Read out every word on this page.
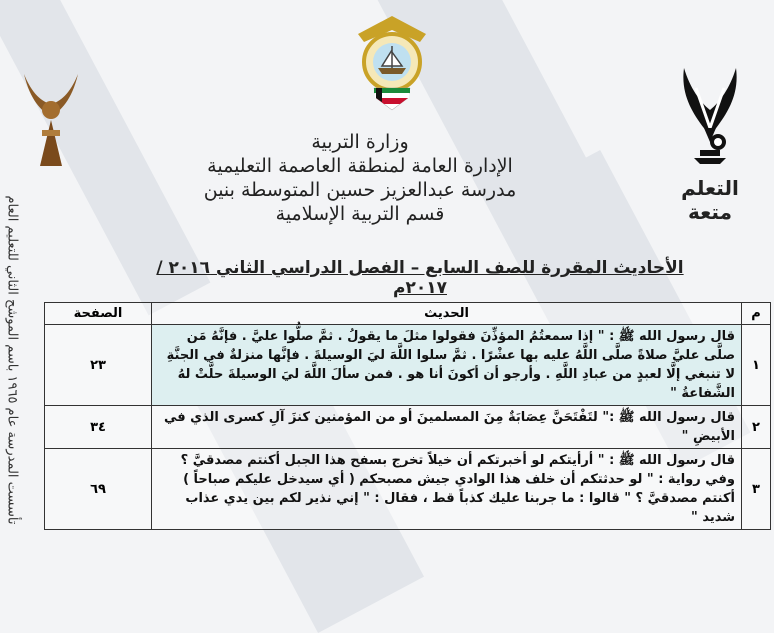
التعلم متعة
تأسست المدرسة عام ١٩٦٥ باسم الموشح الثاني للتعليم العام
وزارة التربية
الإدارة العامة لمنطقة العاصمة التعليمية
مدرسة عبدالعزيز حسين المتوسطة بنين
قسم التربية الإسلامية
الأحاديث المقررة للصف السابع – الفصل الدراسي الثاني ٢٠١٦ / ٢٠١٧م
م	الحديث	الصفحة
١	قال رسول الله ﷺ : " إذا سمعتُمُ المؤذِّنَ فقولوا مثلَ ما يقولُ . ثمَّ صلُّوا عليَّ . فإنَّهُ مَن صلَّى عليَّ صلاةً صلَّى اللَّهُ عليه بها عشْرًا . ثمَّ سلوا اللَّهَ ليَ الوسيلةَ . فإنَّها منزلةٌ في الجنَّةِ لا تنبغي إلَّا لعبدٍ من عبادِ اللَّهِ . وأرجو أن أكونَ أنا هو . فمن سألَ اللَّهَ ليَ الوسيلةَ حلَّتْ لهُ الشَّفاعةُ "	٢٣
٢	قال رسول الله ﷺ :" لتَفْتَحَنَّ عِصَابَةٌ مِنَ المسلمينَ أو من المؤمنين كنزَ آلِ كسرى الذي في الأبيضِ "	٣٤
٣	قال رسول الله ﷺ : " أرأيتكم لو أخبرتكم أن خيلاً تخرج بسفح هذا الجبل أكنتم مصدقيَّ ؟ وفي رواية : " لو حدثتكم أن خلف هذا الوادي جيش مصبحكم ( أي سيدخل عليكم صباحاً ) أكنتم مصدقيَّ ؟ " قالوا : ما جربنا عليك كذباً قط ، فقال : " إني نذير لكم بين يدي عذاب شديد "	٦٩
